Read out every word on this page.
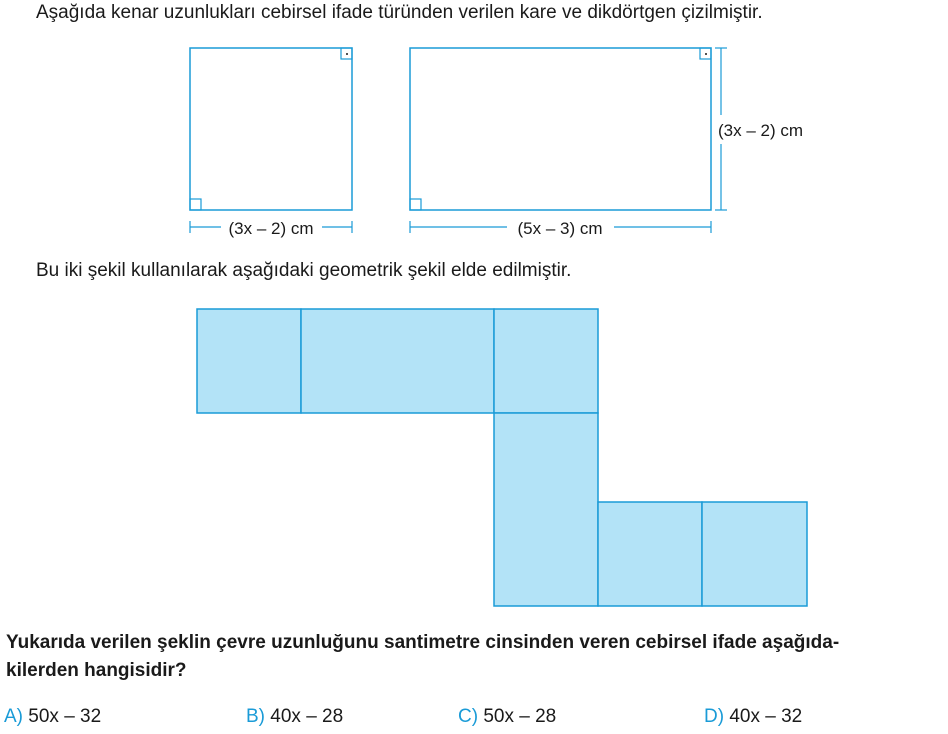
Aşağıda kenar uzunlukları cebirsel ifade türünden verilen kare ve dikdörtgen çizilmiştir.
(3x – 2) cm	(5x – 3) cm
(3x – 2) cm
Bu iki şekil kullanılarak aşağıdaki geometrik şekil elde edilmiştir.
Yukarıda verilen şeklin çevre uzunluğunu santimetre cinsinden veren cebirsel ifade aşağıda-
kilerden hangisidir?
A) 50x – 32	B) 40x – 28	C) 50x – 28	D) 40x – 32
